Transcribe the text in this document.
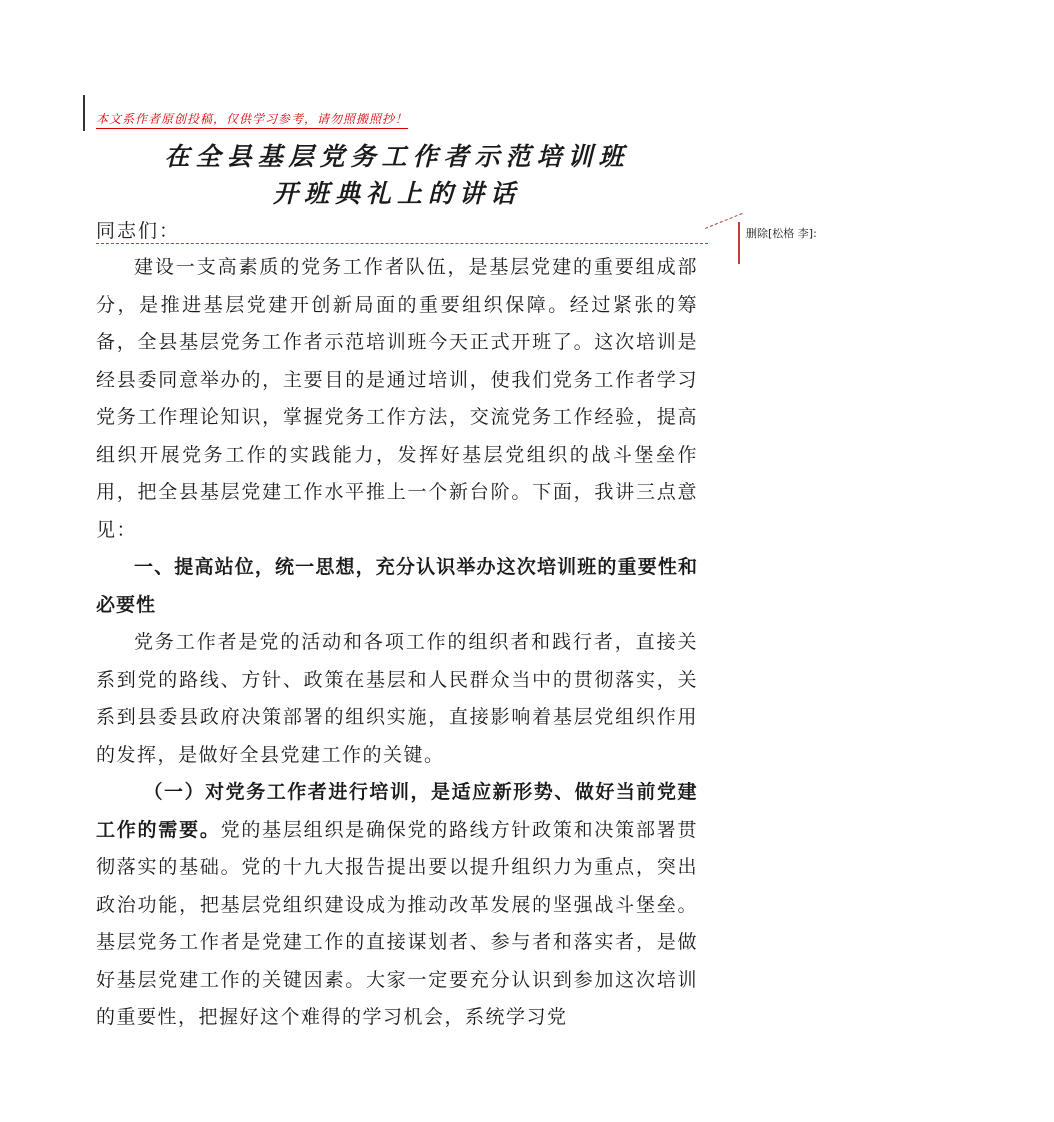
本文系作者原创投稿，仅供学习参考，请勿照搬照抄！
在全县基层党务工作者示范培训班
开班典礼上的讲话
同志们：	删除[松格 李]:

建设一支高素质的党务工作者队伍，是基层党建的重要组成部分，是推进基层党建开创新局面的重要组织保障。经过紧张的筹备，全县基层党务工作者示范培训班今天正式开班了。这次培训是经县委同意举办的，主要目的是通过培训，使我们党务工作者学习党务工作理论知识，掌握党务工作方法，交流党务工作经验，提高组织开展党务工作的实践能力，发挥好基层党组织的战斗堡垒作用，把全县基层党建工作水平推上一个新台阶。下面，我讲三点意见：

一、提高站位，统一思想，充分认识举办这次培训班的重要性和必要性

党务工作者是党的活动和各项工作的组织者和践行者，直接关系到党的路线、方针、政策在基层和人民群众当中的贯彻落实，关系到县委县政府决策部署的组织实施，直接影响着基层党组织作用的发挥，是做好全县党建工作的关键。

（一）对党务工作者进行培训，是适应新形势、做好当前党建工作的需要。党的基层组织是确保党的路线方针政策和决策部署贯彻落实的基础。党的十九大报告提出要以提升组织力为重点，突出政治功能，把基层党组织建设成为推动改革发展的坚强战斗堡垒。基层党务工作者是党建工作的直接谋划者、参与者和落实者，是做好基层党建工作的关键因素。大家一定要充分认识到参加这次培训的重要性，把握好这个难得的学习机会，系统学习党
